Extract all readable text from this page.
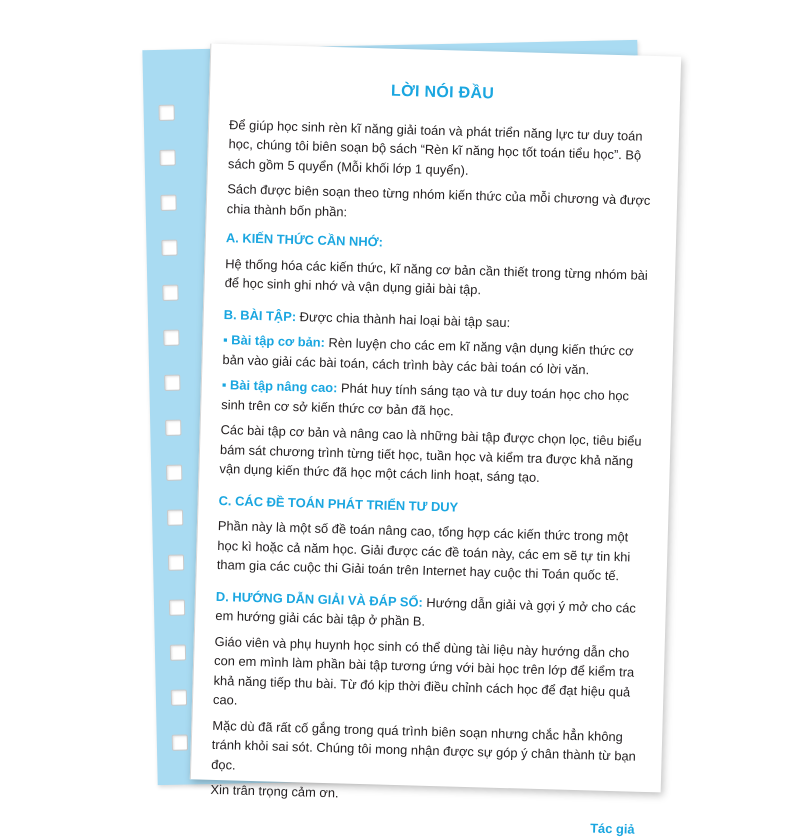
LỜI NÓI ĐẦU

Để giúp học sinh rèn kĩ năng giải toán và phát triển năng lực tư duy toán học, chúng tôi biên soạn bộ sách “Rèn kĩ năng học tốt toán tiểu học”. Bộ sách gồm 5 quyển (Mỗi khối lớp 1 quyển).

Sách được biên soạn theo từng nhóm kiến thức của mỗi chương và được chia thành bốn phần:

A. KIẾN THỨC CẦN NHỚ:

Hệ thống hóa các kiến thức, kĩ năng cơ bản cần thiết trong từng nhóm bài để học sinh ghi nhớ và vận dụng giải bài tập.

B. BÀI TẬP: Được chia thành hai loại bài tập sau:

▪ Bài tập cơ bản: Rèn luyện cho các em kĩ năng vận dụng kiến thức cơ bản vào giải các bài toán, cách trình bày các bài toán có lời văn.

▪ Bài tập nâng cao: Phát huy tính sáng tạo và tư duy toán học cho học sinh trên cơ sở kiến thức cơ bản đã học.

Các bài tập cơ bản và nâng cao là những bài tập được chọn lọc, tiêu biểu bám sát chương trình từng tiết học, tuần học và kiểm tra được khả năng vận dụng kiến thức đã học một cách linh hoạt, sáng tạo.

C. CÁC ĐỀ TOÁN PHÁT TRIỂN TƯ DUY

Phần này là một số đề toán nâng cao, tổng hợp các kiến thức trong một học kì hoặc cả năm học. Giải được các đề toán này, các em sẽ tự tin khi tham gia các cuộc thi Giải toán trên Internet hay cuộc thi Toán quốc tế.

D. HƯỚNG DẪN GIẢI VÀ ĐÁP SỐ: Hướng dẫn giải và gợi ý mở cho các em hướng giải các bài tập ở phần B.

Giáo viên và phụ huynh học sinh có thể dùng tài liệu này hướng dẫn cho con em mình làm phần bài tập tương ứng với bài học trên lớp để kiểm tra khả năng tiếp thu bài. Từ đó kịp thời điều chỉnh cách học để đạt hiệu quả cao.

Mặc dù đã rất cố gắng trong quá trình biên soạn nhưng chắc hẳn không tránh khỏi sai sót. Chúng tôi mong nhận được sự góp ý chân thành từ bạn đọc.

Xin trân trọng cảm ơn.

Tác giả
